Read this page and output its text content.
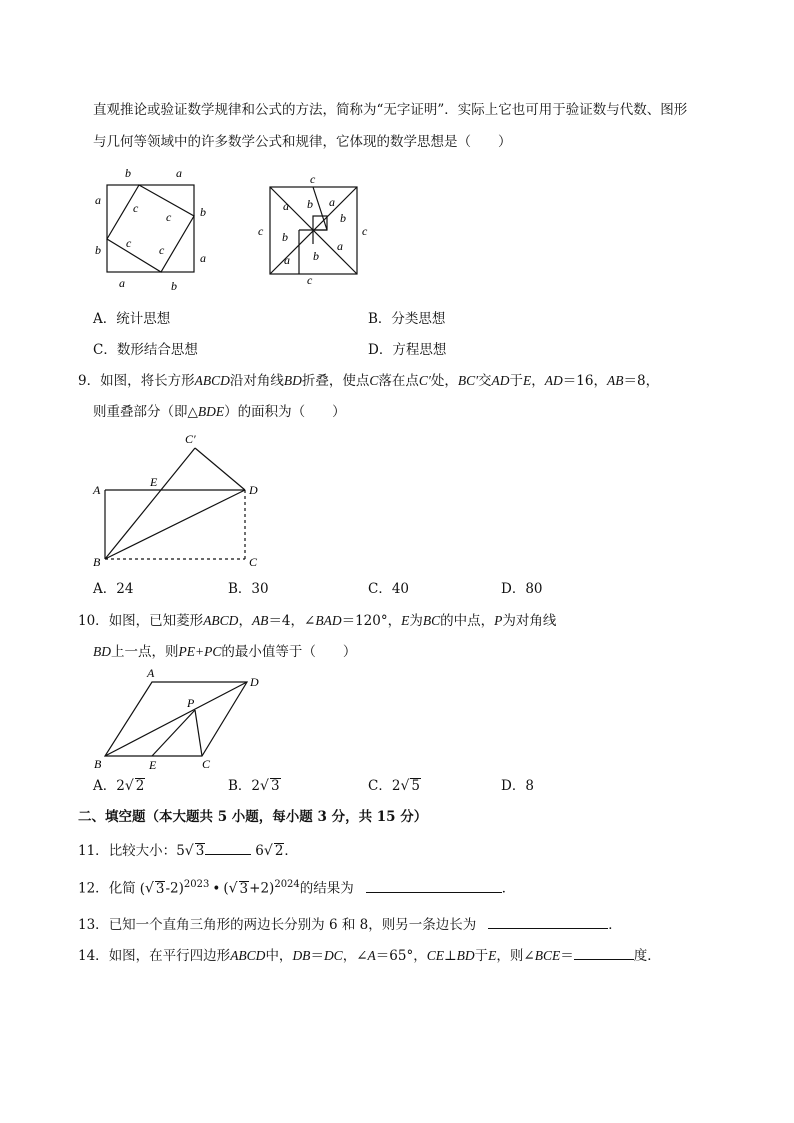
直观推论或验证数学规律和公式的方法，简称为“无字证明”．实际上它也可用于验证数与代数、图形
与几何等领域中的许多数学公式和规律，它体现的数学思想是（　　）
b	a
a
b
b
a
a	b
c
c
c c
c
c	c
c
a b a
b
b
a
a b
A．统计思想	B．分类思想
C．数形结合思想	D．方程思想
9．如图，将长方形ABCD沿对角线BD折叠，使点C落在点C′处，BC′交AD于E，AD＝16，AB＝8，
则重叠部分（即△BDE）的面积为（　　）
A
B	C
D
E
C′
A．24	B．30	C．40	D．80
10．如图，已知菱形ABCD，AB＝4，∠BAD＝120°，E为BC的中点，P为对角线
BD上一点，则PE+PC的最小值等于（　　）
A
D
B	C
E
P
A．2√ 2	B．2√ 3	C．2√ 5	D．8
二、填空题（本大题共 5 小题，每小题 3 分，共 15 分）
11．比较大小：5√ 3	6√ 2．
12．化简 (√ 3-2)$^{2023}$ • (√ 3+2)$^{2024}$的结果为	．
13．已知一个直角三角形的两边长分别为 6 和 8，则另一条边长为	．
14．如图，在平行四边形ABCD中，DB＝DC，∠A＝65°，CE⊥BD于E，则∠BCE＝	度．
